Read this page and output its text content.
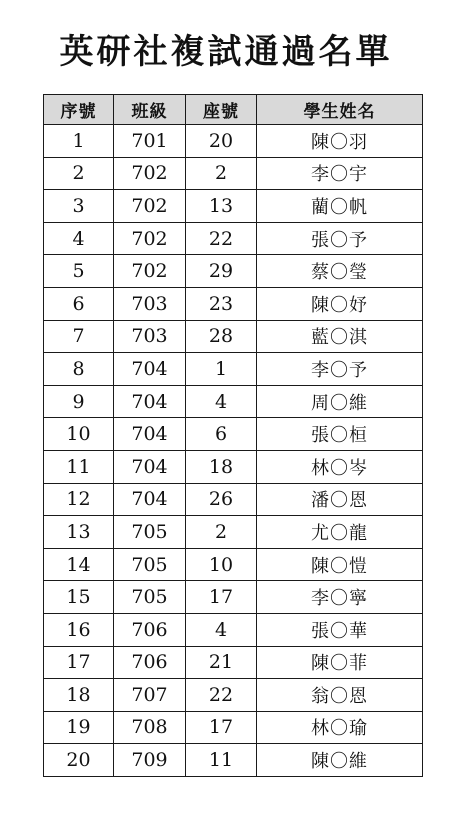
英研社複試通過名單
序號	班級	座號	學生姓名
1	701	20	陳〇羽
2	702	2	李〇宇
3	702	13	藺〇帆
4	702	22	張〇予
5	702	29	蔡〇瑩
6	703	23	陳〇妤
7	703	28	藍〇淇
8	704	1	李〇予
9	704	4	周〇維
10	704	6	張〇桓
11	704	18	林〇岑
12	704	26	潘〇恩
13	705	2	尤〇龍
14	705	10	陳〇愷
15	705	17	李〇寧
16	706	4	張〇華
17	706	21	陳〇菲
18	707	22	翁〇恩
19	708	17	林〇瑜
20	709	11	陳〇維
